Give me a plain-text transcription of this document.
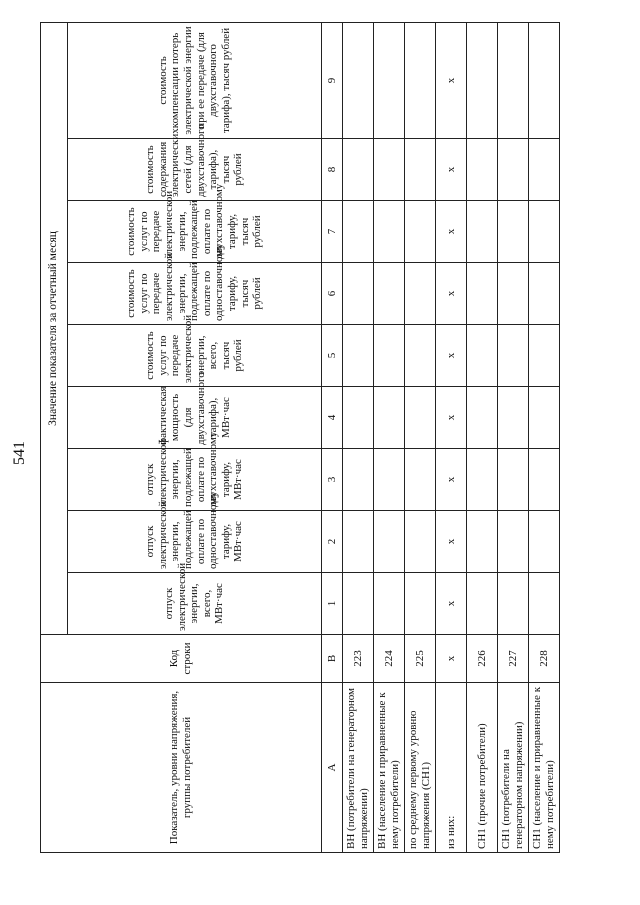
541
Показатель, уровни напряжения, группы потребителей	Код строки	Значение показателя за отчетный месяц								
		отпуск электрической энергии, всего, МВт·час	отпуск электрической энергии, подлежащей оплате по одноставочному тарифу, МВт·час	отпуск электрической энергии, подлежащей оплате по двухставочному тарифу, МВт·час	фактическая мощность (для двухставочного тарифа), МВт·час	стоимость услуг по передаче электрической энергии, всего, тысяч рублей	стоимость услуг по передаче электрической энергии, подлежащей оплате по одноставочному тарифу, тысяч рублей	стоимость услуг по передаче электрической энергии, подлежащей оплате по двухставочному тарифу, тысяч рублей	стоимость содержания электрических сетей (для двухставочного тарифа), тысяч рублей	стоимость компенсации потерь электрической энергии при ее передаче (для двухставочного тарифа), тысяч рублей
А	В	1	2	3	4	5	6	7	8	9
ВН (потребители на генераторном напряжении)	223									
ВН (население и приравненные к нему потребители)	224									
по среднему первому уровню напряжения (СН1)	225									
из них:	х	х	х	х	х	х	х	х	х	х
СН1 (прочие потребители)	226									
СН1 (потребители на генераторном напряжении)	227									
СН1 (население и приравненные к нему потребители)	228									
